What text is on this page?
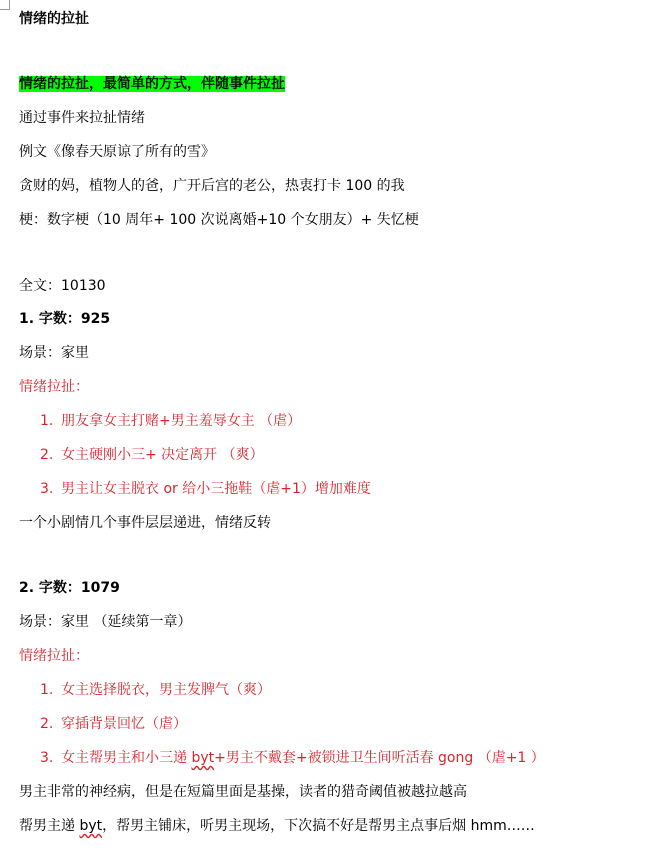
情绪的拉扯
情绪的拉扯，最简单的方式，伴随事件拉扯
通过事件来拉扯情绪
例文《像春天原谅了所有的雪》
贪财的妈，植物人的爸，广开后宫的老公，热衷打卡 100 的我
梗：数字梗（10 周年+ 100 次说离婚+10 个女朋友）+ 失忆梗
全文：10130
1. 字数：925
场景：家里
情绪拉扯：
1. 朋友拿女主打赌+男主羞辱女主 （虐）
2. 女主硬刚小三+ 决定离开 （爽）
3. 男主让女主脱衣 or 给小三拖鞋（虐+1）增加难度
一个小剧情几个事件层层递进，情绪反转
2. 字数：1079
场景：家里 （延续第一章）
情绪拉扯：
1. 女主选择脱衣，男主发脾气（爽）
2. 穿插背景回忆（虐）
3. 女主帮男主和小三递 byt+男主不戴套+被锁进卫生间听活春 gong （虐+1 ）
男主非常的神经病，但是在短篇里面是基操，读者的猎奇阈值被越拉越高
帮男主递 byt，帮男主铺床，听男主现场，下次搞不好是帮男主点事后烟 hmm……
